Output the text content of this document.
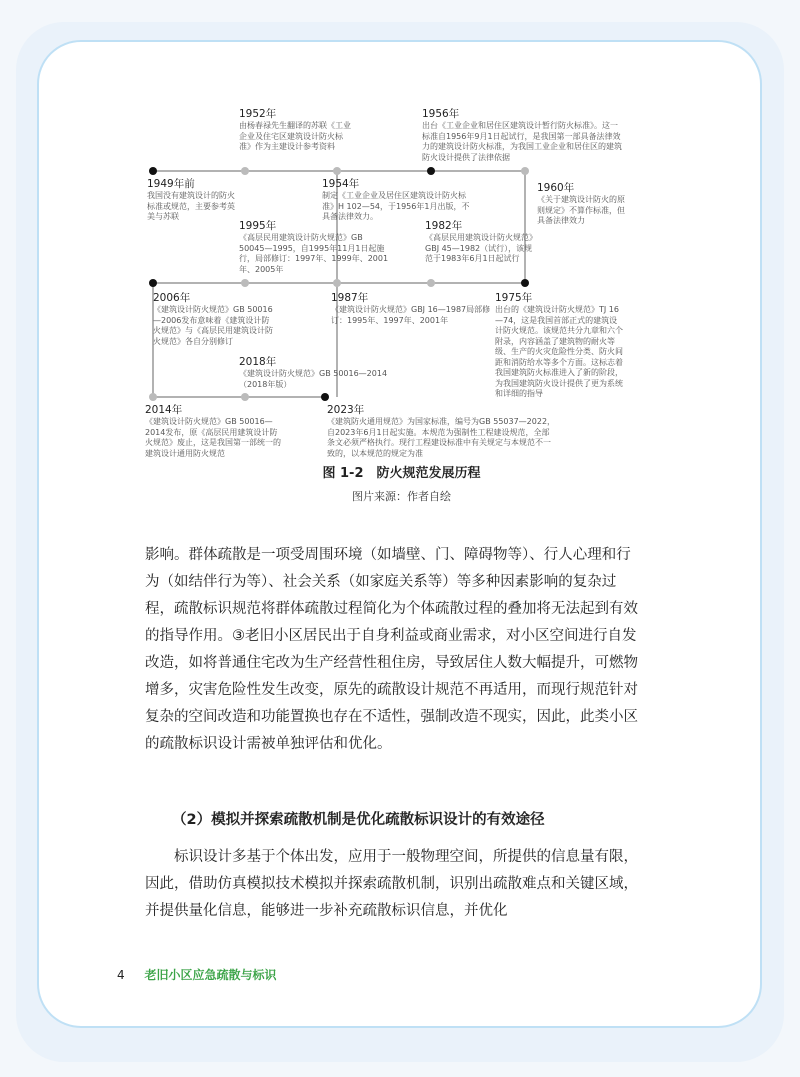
1952年
由杨春禄先生翻译的苏联《工业企业及住宅区建筑设计防火标准》作为主建设计参考资料
1956年
出台《工业企业和居住区建筑设计暂行防火标准》。这一标准自1956年9月1日起试行，是我国第一部具备法律效力的建筑设计防火标准，为我国工业企业和居住区的建筑防火设计提供了法律依据
1949年前
我国没有建筑设计的防火标准或规范，主要参考英美与苏联
1954年
制定《工业企业及居住区建筑设计防火标准》H 102—54，于1956年1月出版，不具备法律效力。
1960年
《关于建筑设计防火的原则规定》不算作标准，但具备法律效力
1995年
《高层民用建筑设计防火规范》GB 50045—1995，自1995年11月1日起施行，局部修订：1997年、1999年、2001年、2005年
1982年
《高层民用建筑设计防火规范》GBJ 45—1982（试行），该规范于1983年6月1日起试行
2006年
《建筑设计防火规范》GB 50016—2006发布意味着《建筑设计防火规范》与《高层民用建筑设计防火规范》各自分别修订
1987年
《建筑设计防火规范》GBJ 16—1987局部修订：1995年、1997年、2001年
1975年
出台的《建筑设计防火规范》TJ 16—74，这是我国首部正式的建筑设计防火规范。该规范共分九章和六个附录，内容涵盖了建筑物的耐火等级、生产的火灾危险性分类、防火间距和消防给水等多个方面。这标志着我国建筑防火标准进入了新的阶段，为我国建筑防火设计提供了更为系统和详细的指导
2018年
《建筑设计防火规范》GB 50016—2014（2018年版）
2014年
《建筑设计防火规范》GB 50016—2014发布，原《高层民用建筑设计防火规范》废止，这是我国第一部统一的建筑设计通用防火规范
2023年
《建筑防火通用规范》为国家标准，编号为GB 55037—2022，自2023年6月1日起实施。本规范为强制性工程建设规范，全部条文必须严格执行。现行工程建设标准中有关规定与本规范不一致的，以本规范的规定为准
图 1-2　防火规范发展历程
图片来源：作者自绘

影响。群体疏散是一项受周围环境（如墙壁、门、障碍物等）、行人心理和行为（如结伴行为等）、社会关系（如家庭关系等）等多种因素影响的复杂过程，疏散标识规范将群体疏散过程简化为个体疏散过程的叠加将无法起到有效的指导作用。③老旧小区居民出于自身利益或商业需求，对小区空间进行自发改造，如将普通住宅改为生产经营性租住房，导致居住人数大幅提升，可燃物增多，灾害危险性发生改变，原先的疏散设计规范不再适用，而现行规范针对复杂的空间改造和功能置换也存在不适性，强制改造不现实，因此，此类小区的疏散标识设计需被单独评估和优化。

（2）模拟并探索疏散机制是优化疏散标识设计的有效途径

　　标识设计多基于个体出发，应用于一般物理空间，所提供的信息量有限，因此，借助仿真模拟技术模拟并探索疏散机制，识别出疏散难点和关键区域，并提供量化信息，能够进一步补充疏散标识信息，并优化

4 老旧小区应急疏散与标识
